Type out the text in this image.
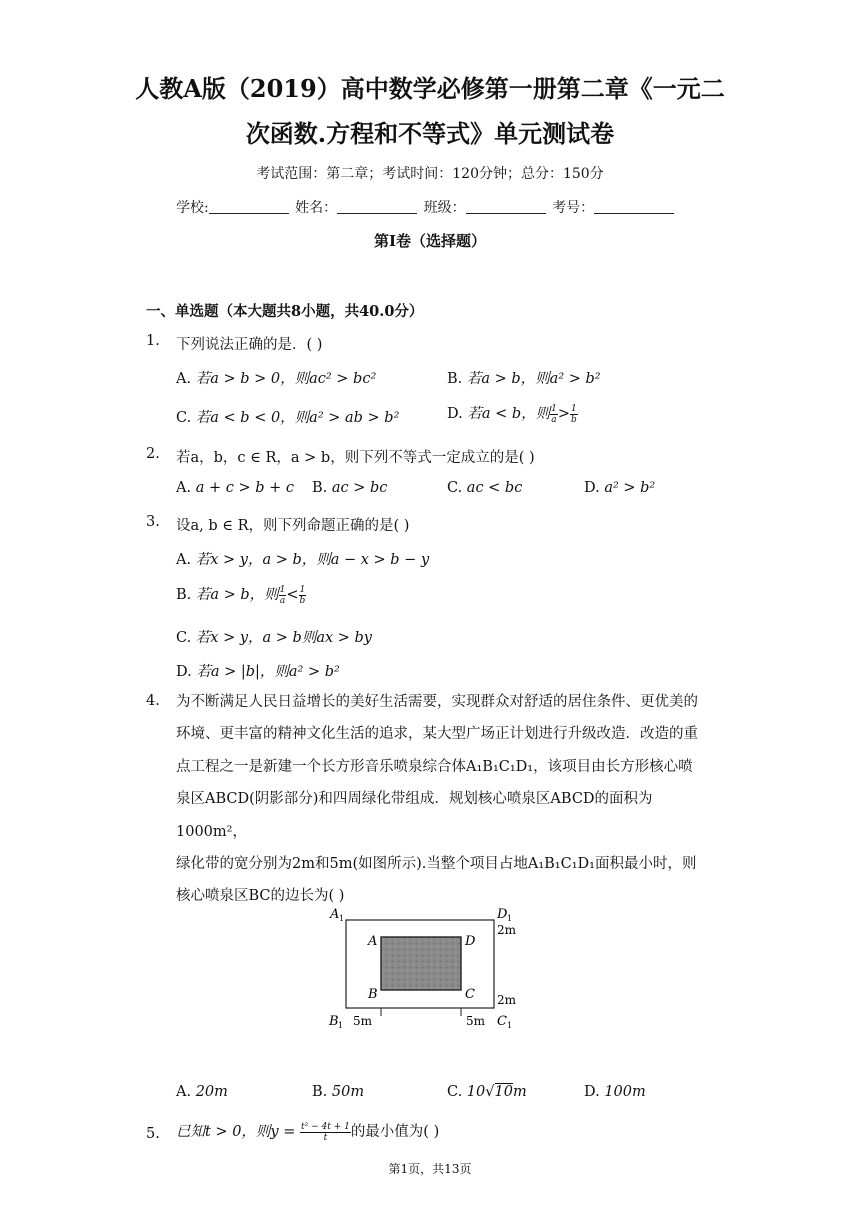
人教A版（2019）高中数学必修第一册第二章《一元二
次函数.方程和不等式》单元测试卷
考试范围：第二章；考试时间：120分钟；总分：150分
学校:	姓名：	班级：	考号：
第I卷（选择题）
一、单选题（本大题共8小题，共40.0分）
1. 下列说法正确的是．( )
A. 若a > b > 0，则ac² > bc²	B. 若a > b，则a² > b²
C. 若a < b < 0，则a² > ab > b²	D. 若a < b，则 $\frac{1}{a} > \frac{1}{b}$
2. 若a，b，c ∈ R，a > b，则下列不等式一定成立的是( )
A. a + c > b + c B. ac > bc	C. ac < bc	D. a² > b²
3. 设a, b ∈ R，则下列命题正确的是( )
A. 若x > y，a > b，则a − x > b − y
B. 若a > b，则 $\frac{1}{a} < \frac{1}{b}$
C. 若x > y，a > b则ax > by
D. 若a > |b|，则a² > b²
4. 为不断满足人民日益增长的美好生活需要，实现群众对舒适的居住条件、更优美的
环境、更丰富的精神文化生活的追求，某大型广场正计划进行升级改造．改造的重
点工程之一是新建一个长方形音乐喷泉综合体A₁B₁C₁D₁，该项目由长方形核心喷
泉区ABCD(阴影部分)和四周绿化带组成．规划核心喷泉区ABCD的面积为1000m²，
绿化带的宽分别为2m和5m(如图所示).当整个项目占地A₁B₁C₁D₁面积最小时，则
核心喷泉区BC的边长为( )
A 1	D 1
B 1	C 1
A	D
B	C
2m
2m
5m	5m
A. 20m	B. 50m	C. 10√10m	D. 100m
5. 已知t > 0，则$y = \frac{\text{t² − 4t + 1}}{t}$ 的最小值为( )
第1页，共13页
